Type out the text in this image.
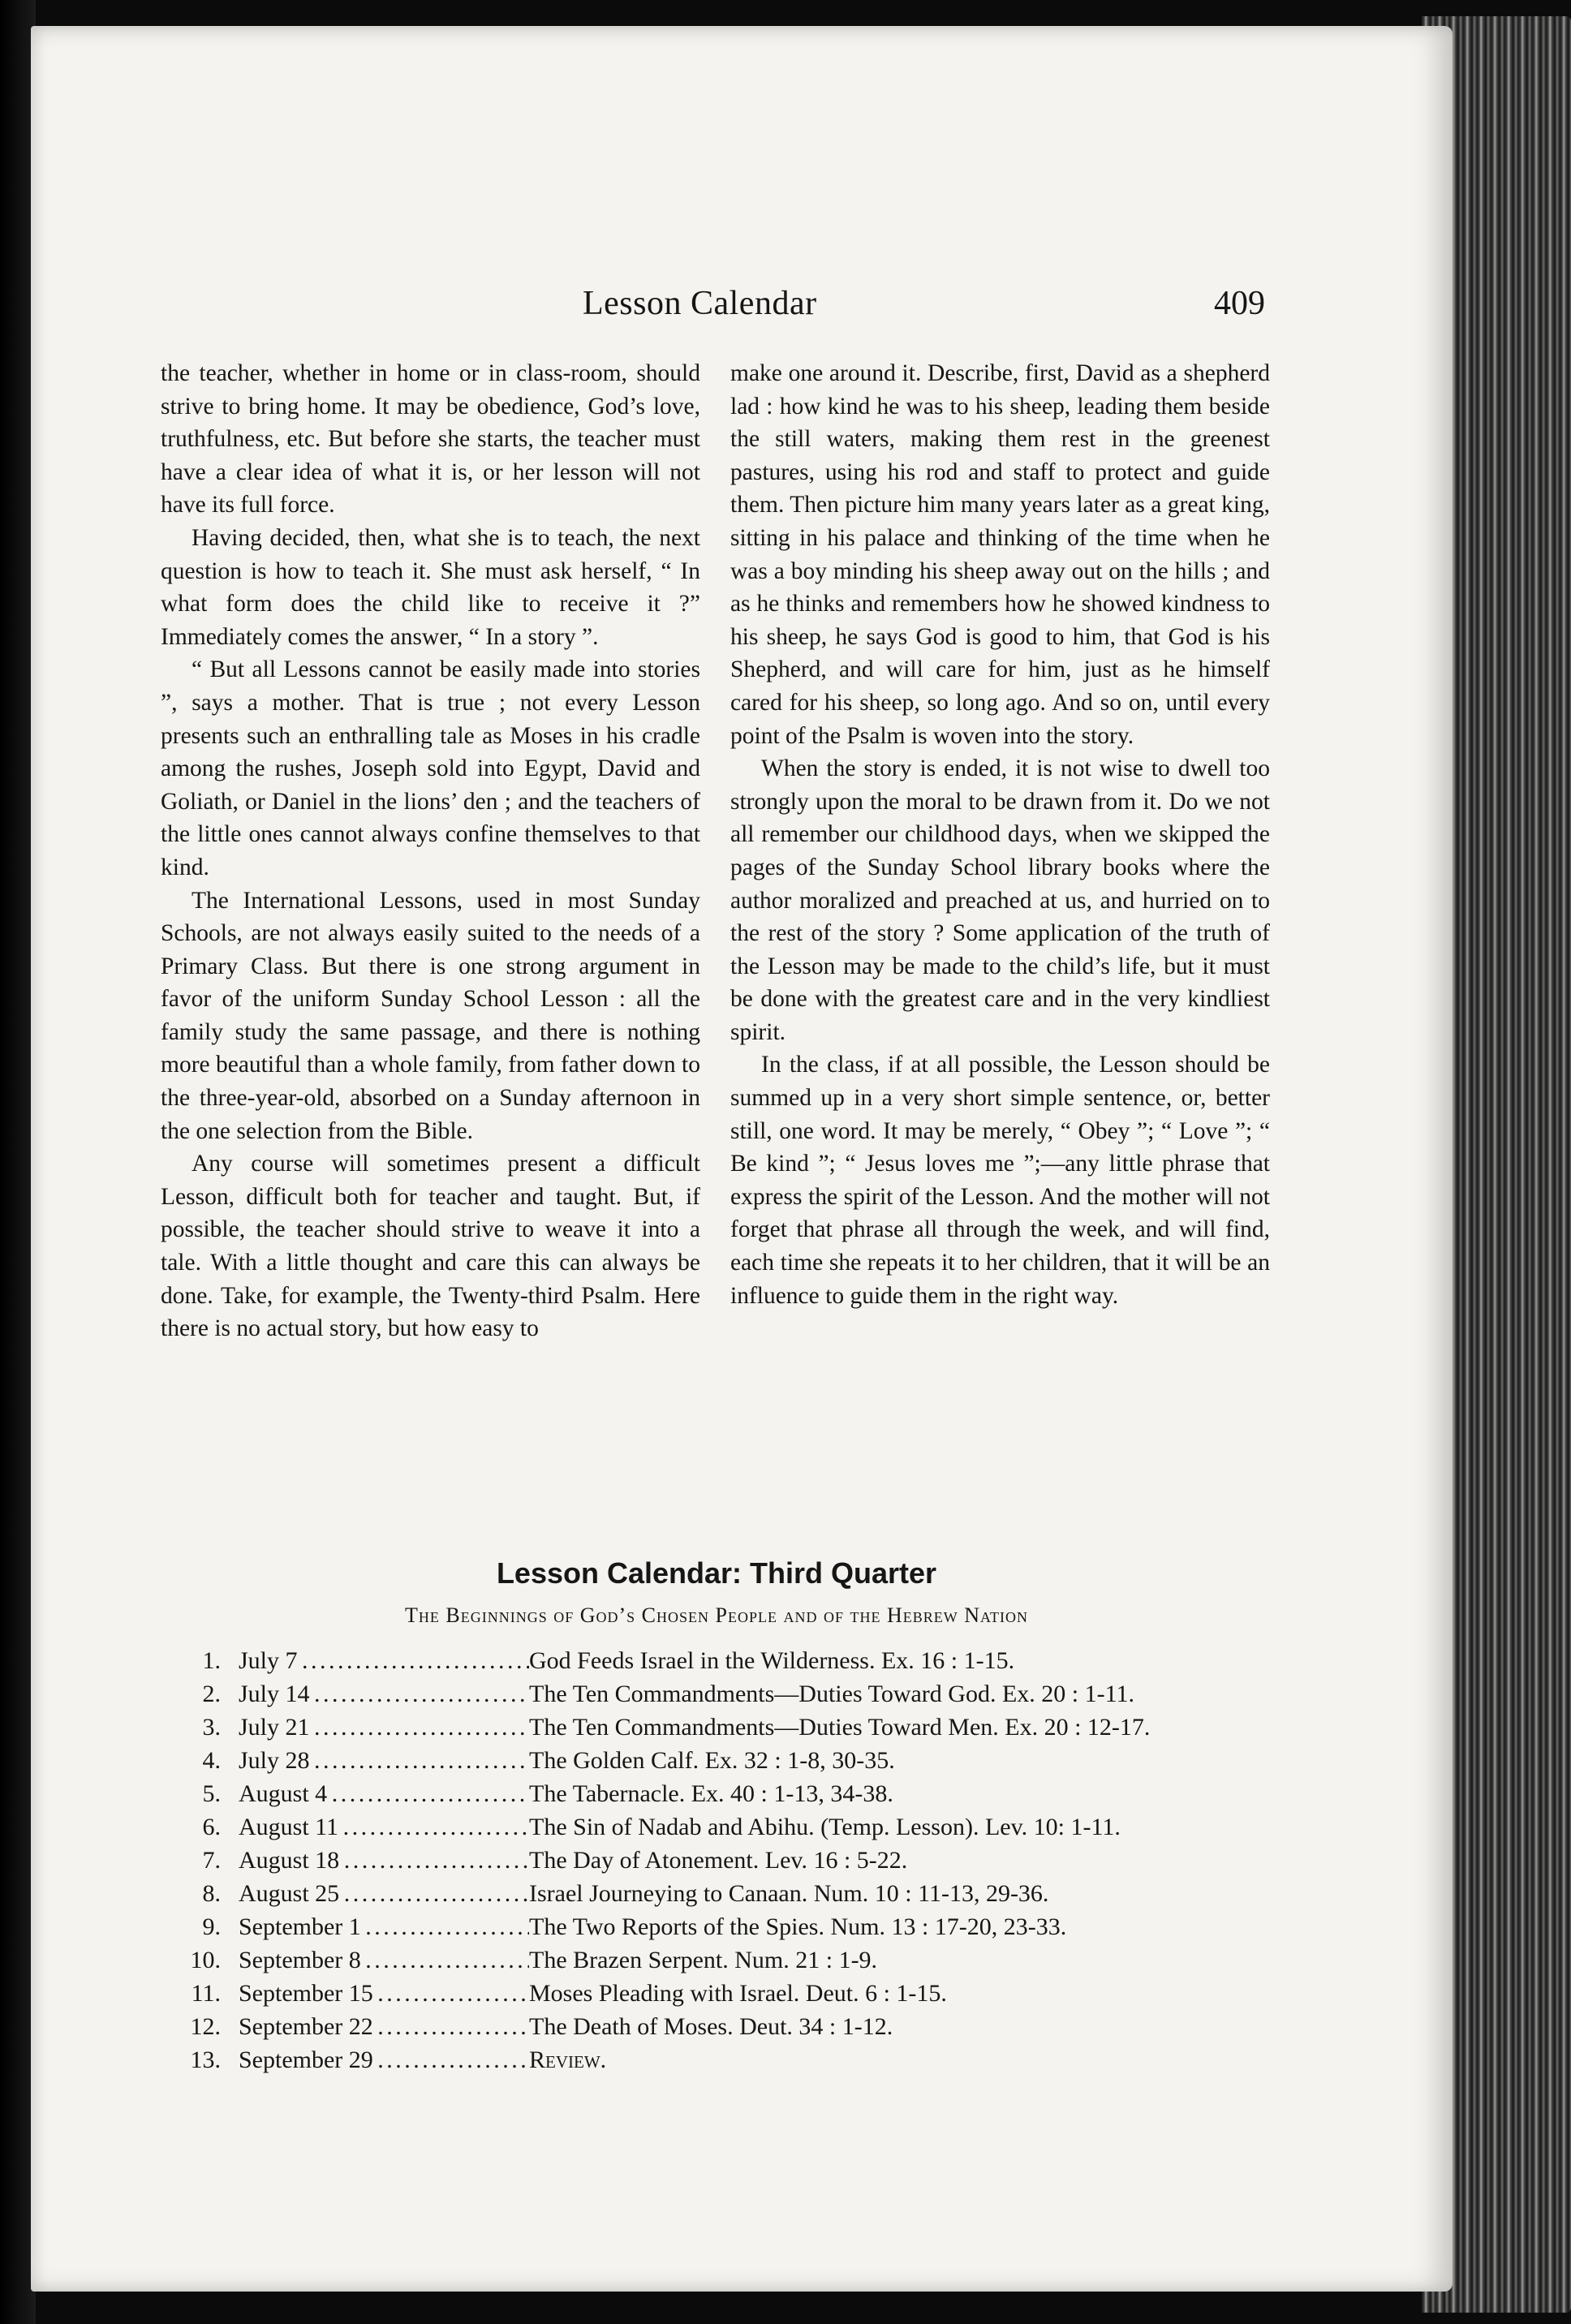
Lesson Calendar	409

the teacher, whether in home or in class-room, should strive to bring home. It may be obedience, God’s love, truthfulness, etc. But before she starts, the teacher must have a clear idea of what it is, or her lesson will not have its full force.

Having decided, then, what she is to teach, the next question is how to teach it. She must ask herself, “ In what form does the child like to receive it ?” Immediately comes the answer, “ In a story ”.

“ But all Lessons cannot be easily made into stories ”, says a mother. That is true ; not every Lesson presents such an enthralling tale as Moses in his cradle among the rushes, Joseph sold into Egypt, David and Goliath, or Daniel in the lions’ den ; and the teachers of the little ones cannot always confine themselves to that kind.

The International Lessons, used in most Sunday Schools, are not always easily suited to the needs of a Primary Class. But there is one strong argument in favor of the uniform Sunday School Lesson : all the family study the same passage, and there is nothing more beautiful than a whole family, from father down to the three-year-old, absorbed on a Sunday afternoon in the one selection from the Bible.

Any course will sometimes present a difficult Lesson, difficult both for teacher and taught. But, if possible, the teacher should strive to weave it into a tale. With a little thought and care this can always be done. Take, for example, the Twenty-third Psalm. Here there is no actual story, but how easy to

make one around it. Describe, first, David as a shepherd lad : how kind he was to his sheep, leading them beside the still waters, making them rest in the greenest pastures, using his rod and staff to protect and guide them. Then picture him many years later as a great king, sitting in his palace and thinking of the time when he was a boy minding his sheep away out on the hills ; and as he thinks and remembers how he showed kindness to his sheep, he says God is good to him, that God is his Shepherd, and will care for him, just as he himself cared for his sheep, so long ago. And so on, until every point of the Psalm is woven into the story.

When the story is ended, it is not wise to dwell too strongly upon the moral to be drawn from it. Do we not all remember our childhood days, when we skipped the pages of the Sunday School library books where the author moralized and preached at us, and hurried on to the rest of the story ? Some application of the truth of the Lesson may be made to the child’s life, but it must be done with the greatest care and in the very kindliest spirit.

In the class, if at all possible, the Lesson should be summed up in a very short simple sentence, or, better still, one word. It may be merely, “ Obey ”; “ Love ”; “ Be kind ”; “ Jesus loves me ”;—any little phrase that express the spirit of the Lesson. And the mother will not forget that phrase all through the week, and will find, each time she repeats it to her children, that it will be an influence to guide them in the right way.

Lesson Calendar: Third Quarter
The Beginnings of God’s Chosen People and of the Hebrew Nation
1. July 7 . . .	God Feeds Israel in the Wilderness. Ex. 16 : 1-15.
2. July 14 . . .	The Ten Commandments—Duties Toward God. Ex. 20 : 1-11.
3. July 21 . . .	The Ten Commandments—Duties Toward Men. Ex. 20 : 12-17.
4. July 28 . . .	The Golden Calf. Ex. 32 : 1-8, 30-35.
5. August 4 . . .	The Tabernacle. Ex. 40 : 1-13, 34-38.
6. August 11 . . .	The Sin of Nadab and Abihu. (Temp. Lesson). Lev. 10: 1-11.
7. August 18 . . .	The Day of Atonement. Lev. 16 : 5-22.
8. August 25 . . .	Israel Journeying to Canaan. Num. 10 : 11-13, 29-36.
9. September 1 . . .	The Two Reports of the Spies. Num. 13 : 17-20, 23-33.
10. September 8 . . .	The Brazen Serpent. Num. 21 : 1-9.
11. September 15 . . .	Moses Pleading with Israel. Deut. 6 : 1-15.
12. September 22 . . .	The Death of Moses. Deut. 34 : 1-12.
13. September 29 . . .	Review.
